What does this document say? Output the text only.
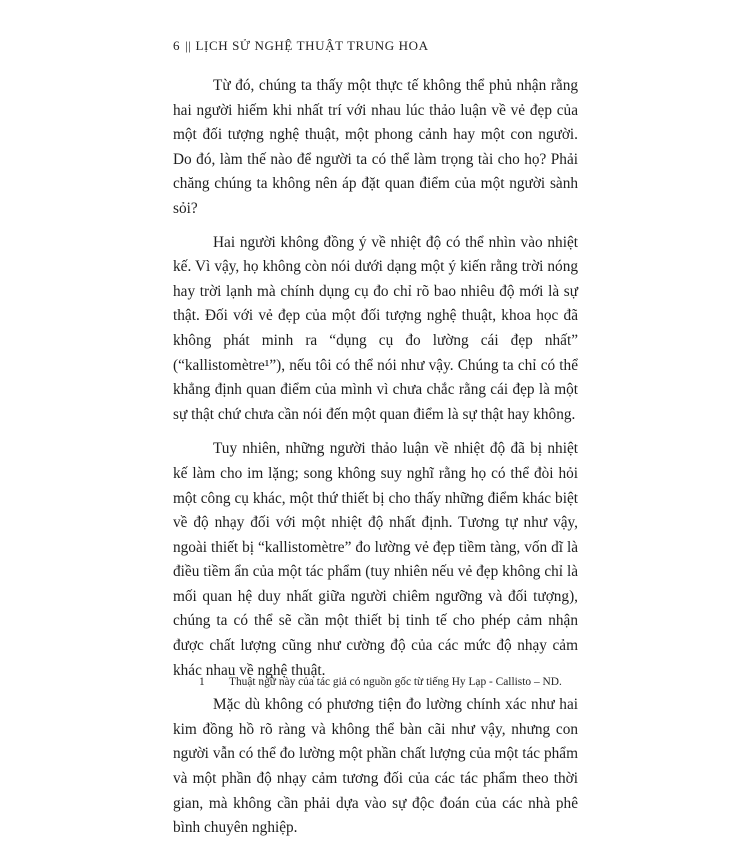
6 || LỊCH SỬ NGHỆ THUẬT TRUNG HOA

Từ đó, chúng ta thấy một thực tế không thể phủ nhận rằng hai người hiếm khi nhất trí với nhau lúc thảo luận về vẻ đẹp của một đối tượng nghệ thuật, một phong cảnh hay một con người. Do đó, làm thế nào để người ta có thể làm trọng tài cho họ? Phải chăng chúng ta không nên áp đặt quan điểm của một người sành sỏi?

Hai người không đồng ý về nhiệt độ có thể nhìn vào nhiệt kế. Vì vậy, họ không còn nói dưới dạng một ý kiến rằng trời nóng hay trời lạnh mà chính dụng cụ đo chỉ rõ bao nhiêu độ mới là sự thật. Đối với vẻ đẹp của một đối tượng nghệ thuật, khoa học đã không phát minh ra “dụng cụ đo lường cái đẹp nhất” (“kallistomètre¹”), nếu tôi có thể nói như vậy. Chúng ta chỉ có thể khẳng định quan điểm của mình vì chưa chắc rằng cái đẹp là một sự thật chứ chưa cần nói đến một quan điểm là sự thật hay không.

Tuy nhiên, những người thảo luận về nhiệt độ đã bị nhiệt kế làm cho im lặng; song không suy nghĩ rằng họ có thể đòi hỏi một công cụ khác, một thứ thiết bị cho thấy những điểm khác biệt về độ nhạy đối với một nhiệt độ nhất định. Tương tự như vậy, ngoài thiết bị “kallistomètre” đo lường vẻ đẹp tiềm tàng, vốn dĩ là điều tiềm ẩn của một tác phẩm (tuy nhiên nếu vẻ đẹp không chỉ là mối quan hệ duy nhất giữa người chiêm ngưỡng và đối tượng), chúng ta có thể sẽ cần một thiết bị tinh tế cho phép cảm nhận được chất lượng cũng như cường độ của các mức độ nhạy cảm khác nhau về nghệ thuật.

Mặc dù không có phương tiện đo lường chính xác như hai kim đồng hồ rõ ràng và không thể bàn cãi như vậy, nhưng con người vẫn có thể đo lường một phần chất lượng của một tác phẩm và một phần độ nhạy cảm tương đối của các tác phẩm theo thời gian, mà không cần phải dựa vào sự độc đoán của các nhà phê bình chuyên nghiệp.

1 Thuật ngữ này của tác giả có nguồn gốc từ tiếng Hy Lạp - Callisto – ND.
